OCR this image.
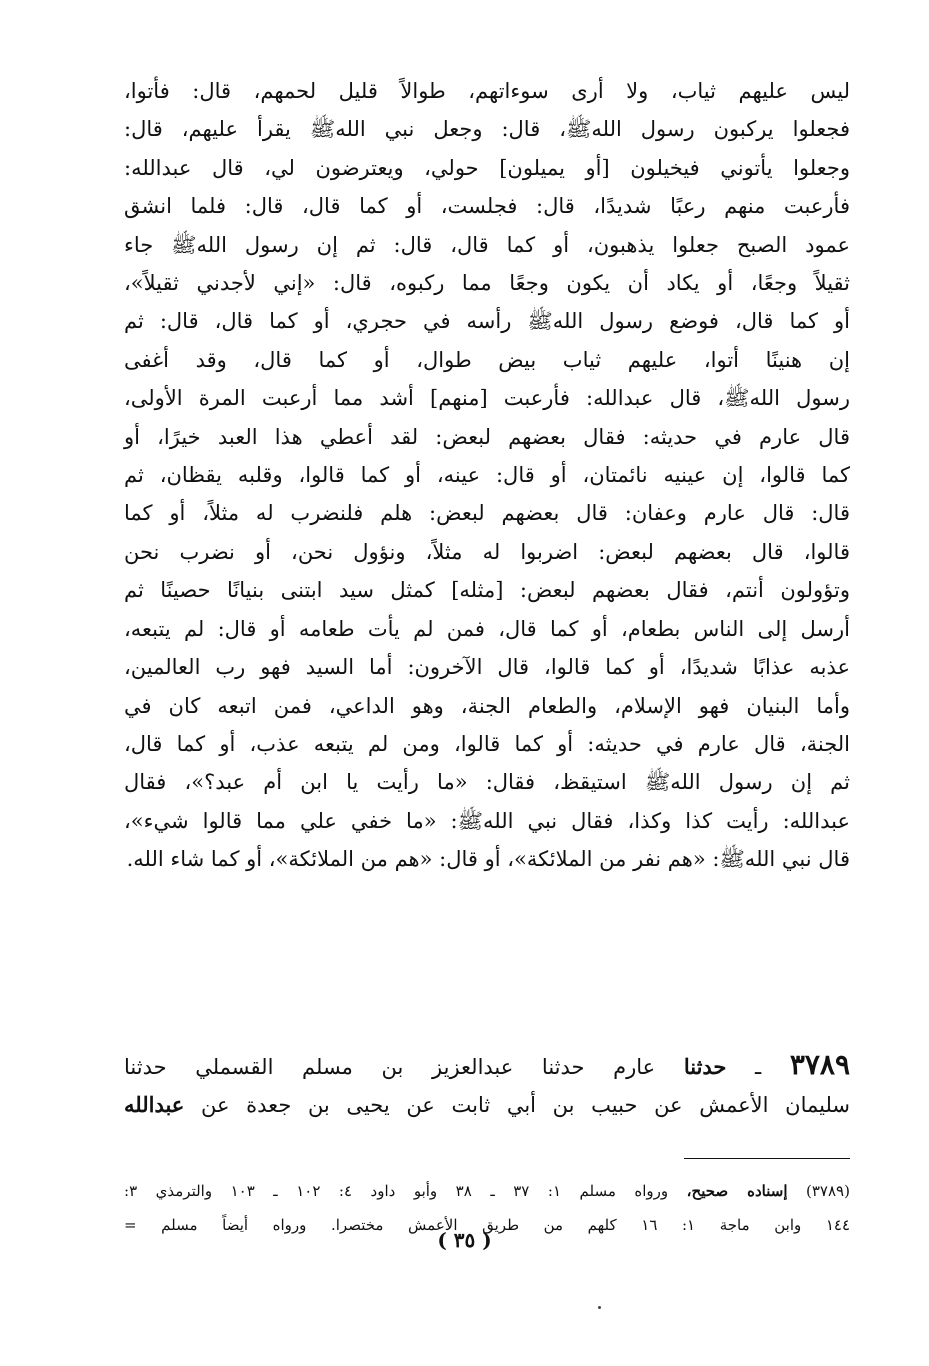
ليس عليهم ثياب، ولا أرى سوءاتهم، طوالاً قليل لحمهم، قال: فأتوا،
فجعلوا يركبون رسول اللهﷺ، قال: وجعل نبي اللهﷺ يقرأ عليهم، قال:
وجعلوا يأتوني فيخيلون [أو يميلون] حولي، ويعترضون لي، قال عبدالله:
فأرعبت منهم رعبًا شديدًا، قال: فجلست، أو كما قال، قال: فلما انشق
عمود الصبح جعلوا يذهبون، أو كما قال، قال: ثم إن رسول اللهﷺ جاء
ثقيلاً وجعًا، أو يكاد أن يكون وجعًا مما ركبوه، قال: «إني لأجدني ثقيلاً»،
أو كما قال، فوضع رسول اللهﷺ رأسه في حجري، أو كما قال، قال: ثم
إن هنينًا أتوا، عليهم ثياب بيض طوال، أو كما قال، وقد أغفى
رسول اللهﷺ، قال عبدالله: فأرعبت [منهم] أشد مما أرعبت المرة الأولى،
قال عارم في حديثه: فقال بعضهم لبعض: لقد أعطي هذا العبد خيرًا، أو
كما قالوا، إن عينيه نائمتان، أو قال: عينه، أو كما قالوا، وقلبه يقظان، ثم
قال: قال عارم وعفان: قال بعضهم لبعض: هلم فلنضرب له مثلاً، أو كما
قالوا، قال بعضهم لبعض: اضربوا له مثلاً، ونؤول نحن، أو نضرب نحن
وتؤولون أنتم، فقال بعضهم لبعض: [مثله] كمثل سيد ابتنى بنيانًا حصينًا ثم
أرسل إلى الناس بطعام، أو كما قال، فمن لم يأت طعامه أو قال: لم يتبعه،
عذبه عذابًا شديدًا، أو كما قالوا، قال الآخرون: أما السيد فهو رب العالمين،
وأما البنيان فهو الإسلام، والطعام الجنة، وهو الداعي، فمن اتبعه كان في
الجنة، قال عارم في حديثه: أو كما قالوا، ومن لم يتبعه عذب، أو كما قال،
ثم إن رسول اللهﷺ استيقظ، فقال: «ما رأيت يا ابن أم عبد؟»، فقال
عبدالله: رأيت كذا وكذا، فقال نبي اللهﷺ: «ما خفي علي مما قالوا شيء»،
قال نبي اللهﷺ: «هم نفر من الملائكة»، أو قال: «هم من الملائكة»، أو كما شاء الله.
٣٧٨٩ ـ حدثنا عارم حدثنا عبدالعزيز بن مسلم القسملي حدثنا
سليمان الأعمش عن حبيب بن أبي ثابت عن يحيى بن جعدة عن عبدالله
(٣٧٨٩) إسناده صحيح، ورواه مسلم ١: ٣٧ ـ ٣٨ وأبو داود ٤: ١٠٢ ـ ١٠٣ والترمذي ٣:
١٤٤ وابن ماجة ١: ١٦ كلهم من طريق الأعمش مختصرا. ورواه أيضاً مسلم =
( ٣٥ )
